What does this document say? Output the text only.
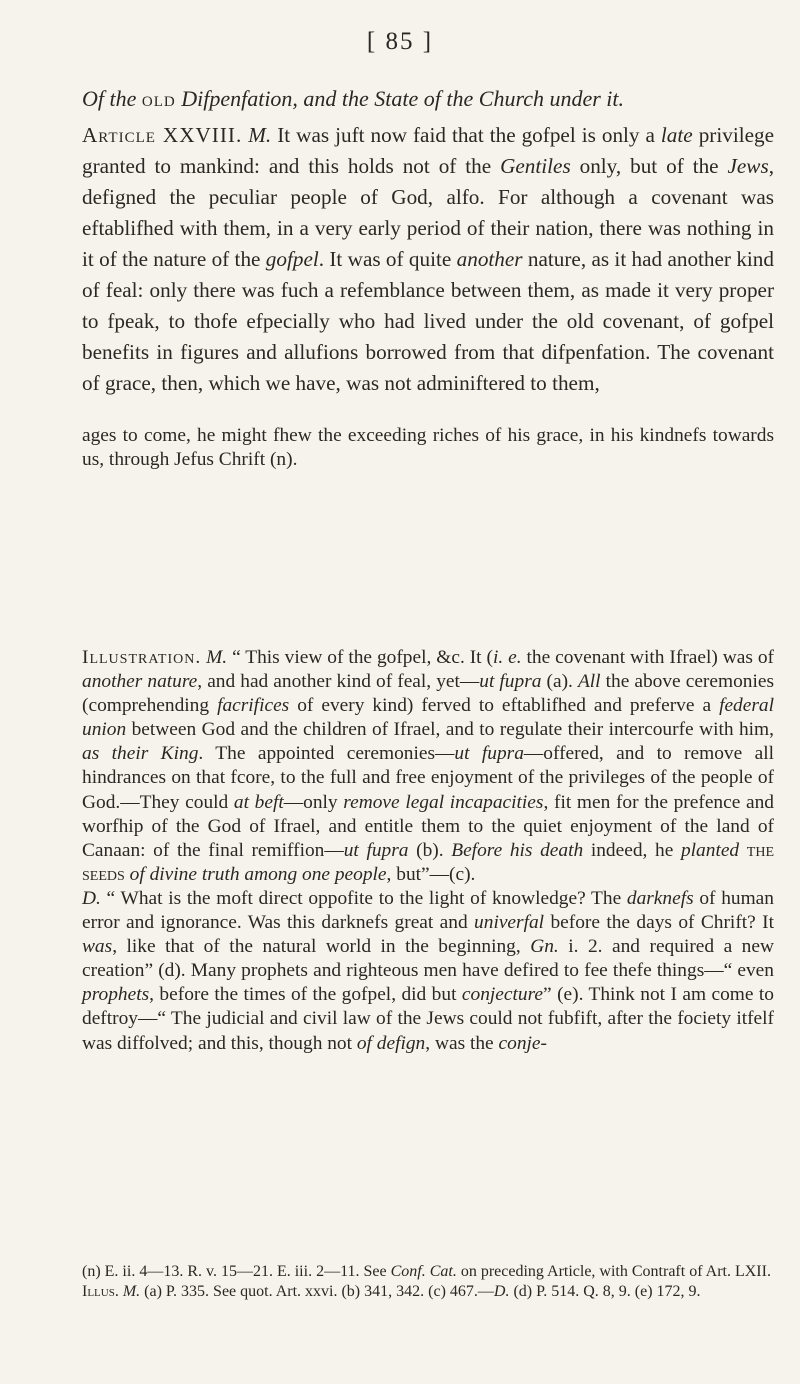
[ 85 ]
Of the old Difpenfation, and the State of the Church under it.

Article XXVIII. M. It was juft now faid that the gofpel is only a late privilege granted to mankind: and this holds not of the Gentiles only, but of the Jews, defigned the peculiar people of God, alfo. For although a covenant was eftablifhed with them, in a very early period of their nation, there was nothing in it of the nature of the gofpel. It was of quite another nature, as it had another kind of feal: only there was fuch a refemblance between them, as made it very proper to fpeak, to thofe efpecially who had lived under the old covenant, of gofpel benefits in figures and allufions borrowed from that difpenfation. The covenant of grace, then, which we have, was not adminiftered to them,

ages to come, he might fhew the exceeding riches of his grace, in his kindnefs towards us, through Jefus Chrift (n).

Illustration. M. “ This view of the gofpel, &c. It (i. e. the covenant with Ifrael) was of another nature, and had another kind of feal, yet—ut fupra (a). All the above ceremonies (comprehending facrifices of every kind) ferved to eftablifhed and preferve a federal union between God and the children of Ifrael, and to regulate their intercourfe with him, as their King. The appointed ceremonies—ut fupra—offered, and to remove all hindrances on that fcore, to the full and free enjoyment of the privileges of the people of God.—They could at beft—only remove legal incapacities, fit men for the prefence and worfhip of the God of Ifrael, and entitle them to the quiet enjoyment of the land of Canaan: of the final remiffion—ut fupra (b). Before his death indeed, he planted the seeds of divine truth among one people, but”—(c).

D. “ What is the moft direct oppofite to the light of knowledge? The darknefs of human error and ignorance. Was this darknefs great and univerfal before the days of Chrift? It was, like that of the natural world in the beginning, Gn. i. 2. and required a new creation” (d). Many prophets and righteous men have defired to fee thefe things—“ even prophets, before the times of the gofpel, did but conjecture” (e). Think not I am come to deftroy—“ The judicial and civil law of the Jews could not fubfift, after the fociety itfelf was diffolved; and this, though not of defign, was the conje-

(n) E. ii. 4—13. R. v. 15—21. E. iii. 2—11. See Conf. Cat. on preceding Article, with Contraft of Art. LXII.

Illus. M. (a) P. 335. See quot. Art. xxvi. (b) 341, 342. (c) 467.—D. (d) P. 514. Q. 8, 9. (e) 172, 9.
